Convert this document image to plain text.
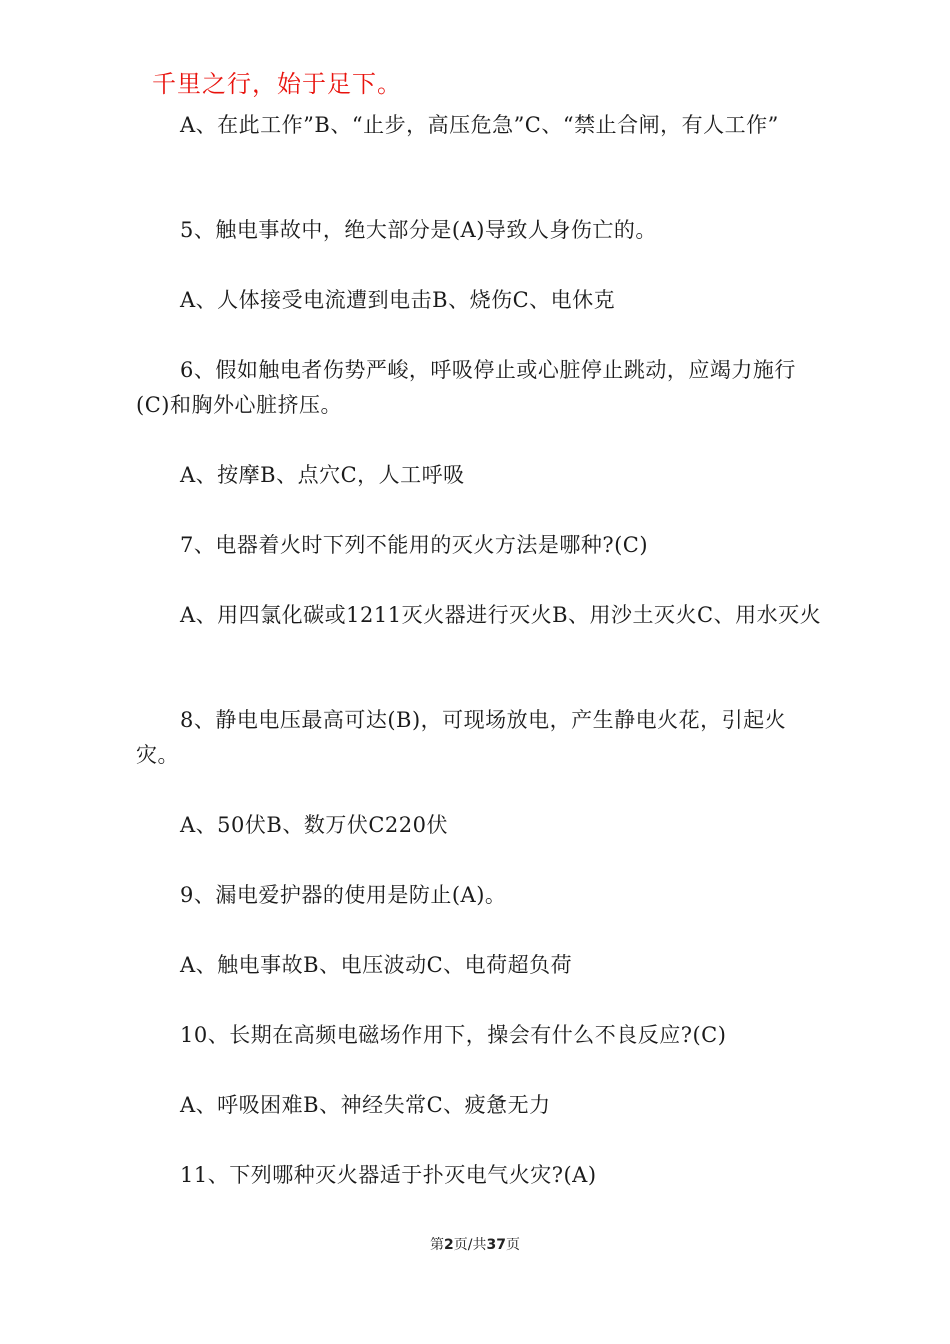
千里之行，始于足下。
A、在此工作”B、“止步，高压危急”C、“禁止合闸，有人工作”
5、触电事故中，绝大部分是(A)导致人身伤亡的。
A、人体接受电流遭到电击B、烧伤C、电休克
6、假如触电者伤势严峻，呼吸停止或心脏停止跳动，应竭力施行(C)和胸外心脏挤压。
A、按摩B、点穴C，人工呼吸
7、电器着火时下列不能用的灭火方法是哪种?(C)
A、用四氯化碳或1211灭火器进行灭火B、用沙土灭火C、用水灭火
8、静电电压最高可达(B)，可现场放电，产生静电火花，引起火灾。
A、50伏B、数万伏C220伏
9、漏电爱护器的使用是防止(A)。
A、触电事故B、电压波动C、电荷超负荷
10、长期在高频电磁场作用下，操会有什么不良反应?(C)
A、呼吸困难B、神经失常C、疲惫无力
11、下列哪种灭火器适于扑灭电气火灾?(A)
第2页/共37页
